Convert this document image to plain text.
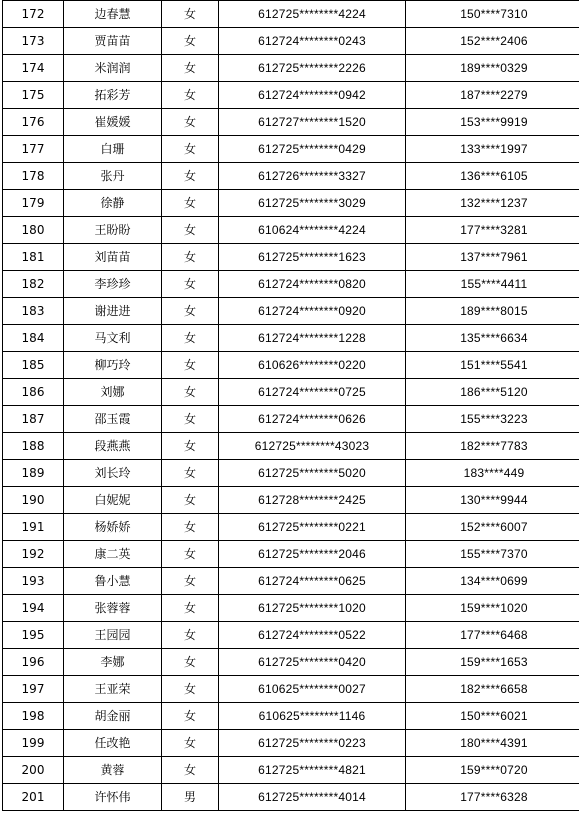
172	边春慧	女	612725********4224	150****7310
173	贾苗苗	女	612724********0243	152****2406
174	米润润	女	612725********2226	189****0329
175	拓彩芳	女	612724********0942	187****2279
176	崔媛媛	女	612727********1520	153****9919
177	白珊	女	612725********0429	133****1997
178	张丹	女	612726********3327	136****6105
179	徐静	女	612725********3029	132****1237
180	王盼盼	女	610624********4224	177****3281
181	刘苗苗	女	612725********1623	137****7961
182	李珍珍	女	612724********0820	155****4411
183	谢进进	女	612724********0920	189****8015
184	马文利	女	612724********1228	135****6634
185	柳巧玲	女	610626********0220	151****5541
186	刘娜	女	612724********0725	186****5120
187	邵玉霞	女	612724********0626	155****3223
188	段燕燕	女	612725********43023	182****7783
189	刘长玲	女	612725********5020	183****449
190	白妮妮	女	612728********2425	130****9944
191	杨娇娇	女	612725********0221	152****6007
192	康二英	女	612725********2046	155****7370
193	鲁小慧	女	612724********0625	134****0699
194	张蓉蓉	女	612725********1020	159****1020
195	王园园	女	612724********0522	177****6468
196	李娜	女	612725********0420	159****1653
197	王亚荣	女	610625********0027	182****6658
198	胡金丽	女	610625********1146	150****6021
199	任改艳	女	612725********0223	180****4391
200	黄蓉	女	612725********4821	159****0720
201	许怀伟	男	612725********4014	177****6328
